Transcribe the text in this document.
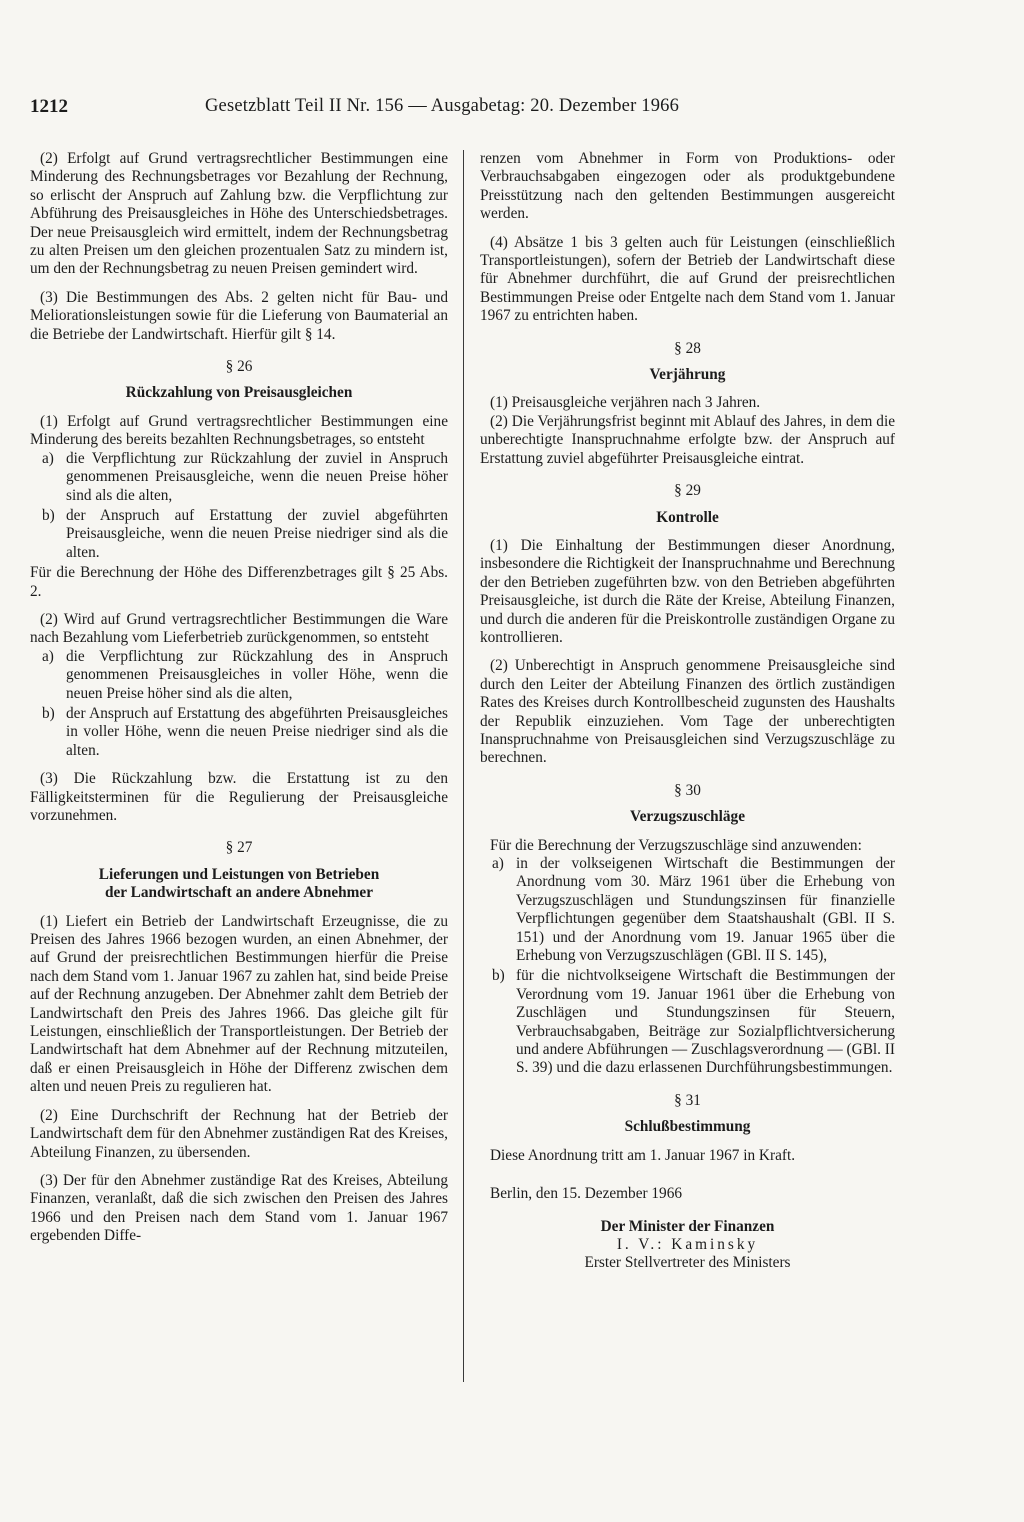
1212	Gesetzblatt Teil II Nr. 156 — Ausgabetag: 20. Dezember 1966

(2) Erfolgt auf Grund vertragsrechtlicher Bestimmungen eine Minderung des Rechnungsbetrages vor Bezahlung der Rechnung, so erlischt der Anspruch auf Zahlung bzw. die Verpflichtung zur Abführung des Preisausgleiches in Höhe des Unterschiedsbetrages. Der neue Preisausgleich wird ermittelt, indem der Rechnungsbetrag zu alten Preisen um den gleichen prozentualen Satz zu mindern ist, um den der Rechnungsbetrag zu neuen Preisen gemindert wird.

(3) Die Bestimmungen des Abs. 2 gelten nicht für Bau- und Meliorationsleistungen sowie für die Lieferung von Baumaterial an die Betriebe der Landwirtschaft. Hierfür gilt § 14.

§ 26
Rückzahlung von Preisausgleichen

(1) Erfolgt auf Grund vertragsrechtlicher Bestimmungen eine Minderung des bereits bezahlten Rechnungsbetrages, so entsteht

a) die Verpflichtung zur Rückzahlung der zuviel in Anspruch genommenen Preisausgleiche, wenn die neuen Preise höher sind als die alten,
b) der Anspruch auf Erstattung der zuviel abgeführten Preisausgleiche, wenn die neuen Preise niedriger sind als die alten.

Für die Berechnung der Höhe des Differenzbetrages gilt § 25 Abs. 2.

(2) Wird auf Grund vertragsrechtlicher Bestimmungen die Ware nach Bezahlung vom Lieferbetrieb zurückgenommen, so entsteht

a) die Verpflichtung zur Rückzahlung des in Anspruch genommenen Preisausgleiches in voller Höhe, wenn die neuen Preise höher sind als die alten,
b) der Anspruch auf Erstattung des abgeführten Preisausgleiches in voller Höhe, wenn die neuen Preise niedriger sind als die alten.

(3) Die Rückzahlung bzw. die Erstattung ist zu den Fälligkeitsterminen für die Regulierung der Preisausgleiche vorzunehmen.

§ 27
Lieferungen und Leistungen von Betrieben
der Landwirtschaft an andere Abnehmer

(1) Liefert ein Betrieb der Landwirtschaft Erzeugnisse, die zu Preisen des Jahres 1966 bezogen wurden, an einen Abnehmer, der auf Grund der preisrechtlichen Bestimmungen hierfür die Preise nach dem Stand vom 1. Januar 1967 zu zahlen hat, sind beide Preise auf der Rechnung anzugeben. Der Abnehmer zahlt dem Betrieb der Landwirtschaft den Preis des Jahres 1966. Das gleiche gilt für Leistungen, einschließlich der Transportleistungen. Der Betrieb der Landwirtschaft hat dem Abnehmer auf der Rechnung mitzuteilen, daß er einen Preisausgleich in Höhe der Differenz zwischen dem alten und neuen Preis zu regulieren hat.

(2) Eine Durchschrift der Rechnung hat der Betrieb der Landwirtschaft dem für den Abnehmer zuständigen Rat des Kreises, Abteilung Finanzen, zu übersenden.

(3) Der für den Abnehmer zuständige Rat des Kreises, Abteilung Finanzen, veranlaßt, daß die sich zwischen den Preisen des Jahres 1966 und den Preisen nach dem Stand vom 1. Januar 1967 ergebenden Diffe-

renzen vom Abnehmer in Form von Produktions- oder Verbrauchsabgaben eingezogen oder als produktgebundene Preisstützung nach den geltenden Bestimmungen ausgereicht werden.

(4) Absätze 1 bis 3 gelten auch für Leistungen (einschließlich Transportleistungen), sofern der Betrieb der Landwirtschaft diese für Abnehmer durchführt, die auf Grund der preisrechtlichen Bestimmungen Preise oder Entgelte nach dem Stand vom 1. Januar 1967 zu entrichten haben.

§ 28
Verjährung

(1) Preisausgleiche verjähren nach 3 Jahren.

(2) Die Verjährungsfrist beginnt mit Ablauf des Jahres, in dem die unberechtigte Inanspruchnahme erfolgte bzw. der Anspruch auf Erstattung zuviel abgeführter Preisausgleiche eintrat.

§ 29
Kontrolle

(1) Die Einhaltung der Bestimmungen dieser Anordnung, insbesondere die Richtigkeit der Inanspruchnahme und Berechnung der den Betrieben zugeführten bzw. von den Betrieben abgeführten Preisausgleiche, ist durch die Räte der Kreise, Abteilung Finanzen, und durch die anderen für die Preiskontrolle zuständigen Organe zu kontrollieren.

(2) Unberechtigt in Anspruch genommene Preisausgleiche sind durch den Leiter der Abteilung Finanzen des örtlich zuständigen Rates des Kreises durch Kontrollbescheid zugunsten des Haushalts der Republik einzuziehen. Vom Tage der unberechtigten Inanspruchnahme von Preisausgleichen sind Verzugszuschläge zu berechnen.

§ 30
Verzugszuschläge

Für die Berechnung der Verzugszuschläge sind anzuwenden:

a) in der volkseigenen Wirtschaft die Bestimmungen der Anordnung vom 30. März 1961 über die Erhebung von Verzugszuschlägen und Stundungszinsen für finanzielle Verpflichtungen gegenüber dem Staatshaushalt (GBl. II S. 151) und der Anordnung vom 19. Januar 1965 über die Erhebung von Verzugszuschlägen (GBl. II S. 145),
b) für die nichtvolkseigene Wirtschaft die Bestimmungen der Verordnung vom 19. Januar 1961 über die Erhebung von Zuschlägen und Stundungszinsen für Steuern, Verbrauchsabgaben, Beiträge zur Sozialpflichtversicherung und andere Abführungen — Zuschlagsverordnung — (GBl. II S. 39) und die dazu erlassenen Durchführungsbestimmungen.
§ 31
Schlußbestimmung

Diese Anordnung tritt am 1. Januar 1967 in Kraft.

Berlin, den 15. Dezember 1966

Der Minister der Finanzen
I. V.: Kaminsky
Erster Stellvertreter des Ministers
